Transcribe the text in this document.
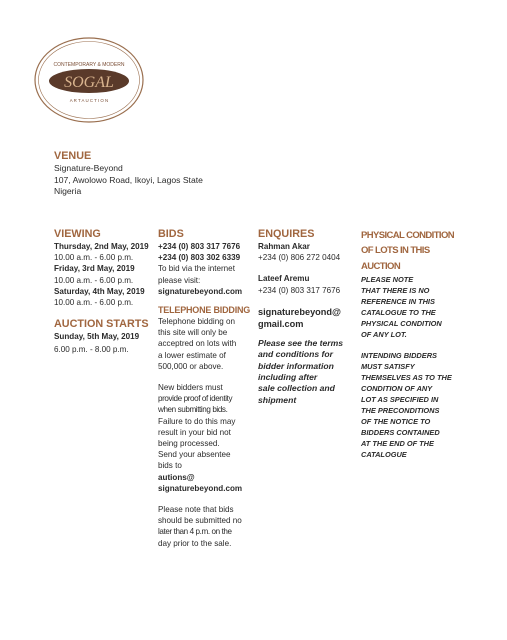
CONTEMPORARY & MODERN
SOGAL
A R T A U C T I O N
VENUE
Signature-Beyond
107, Awolowo Road, Ikoyi, Lagos State
Nigeria
VIEWING
Thursday, 2nd May, 2019
10.00 a.m. - 6.00 p.m.
Friday, 3rd May, 2019
10.00 a.m. - 6.00 p.m.
Saturday, 4th May, 2019
10.00 a.m. - 6.00 p.m.
AUCTION STARTS
Sunday, 5th May, 2019
6.00 p.m. - 8.00 p.m.
BIDS
+234 (0) 803 317 7676
+234 (0) 803 302 6339
To bid via the internet
please visit:
signaturebeyond.com
TELEPHONE BIDDING
Telephone bidding on
this site will only be
acceptred on lots with
a lower estimate of
500,000 or above.
New bidders must
provide proof of identity
when submitting bids.
Failure to do this may
result in your bid not
being processed.
Send your absentee
bids to
autions@
signaturebeyond.com
Please note that bids
should be submitted no
later than 4 p.m. on the
day prior to the sale.
ENQUIRES
Rahman Akar
+234 (0) 806 272 0404
Lateef Aremu
+234 (0) 803 317 7676
signaturebeyond@
gmail.com
Please see the terms
and conditions for
bidder information
including after
sale collection and
shipment
PHYSICAL CONDITION
OF LOTS IN THIS
AUCTION
PLEASE NOTE
THAT THERE IS NO
REFERENCE IN THIS
CATALOGUE TO THE
PHYSICAL CONDITION
OF ANY LOT.
INTENDING BIDDERS
MUST SATISFY
THEMSELVES AS TO THE
CONDITION OF ANY
LOT AS SPECIFIED IN
THE PRECONDITIONS
OF THE NOTICE TO
BIDDERS CONTAINED
AT THE END OF THE
CATALOGUE
